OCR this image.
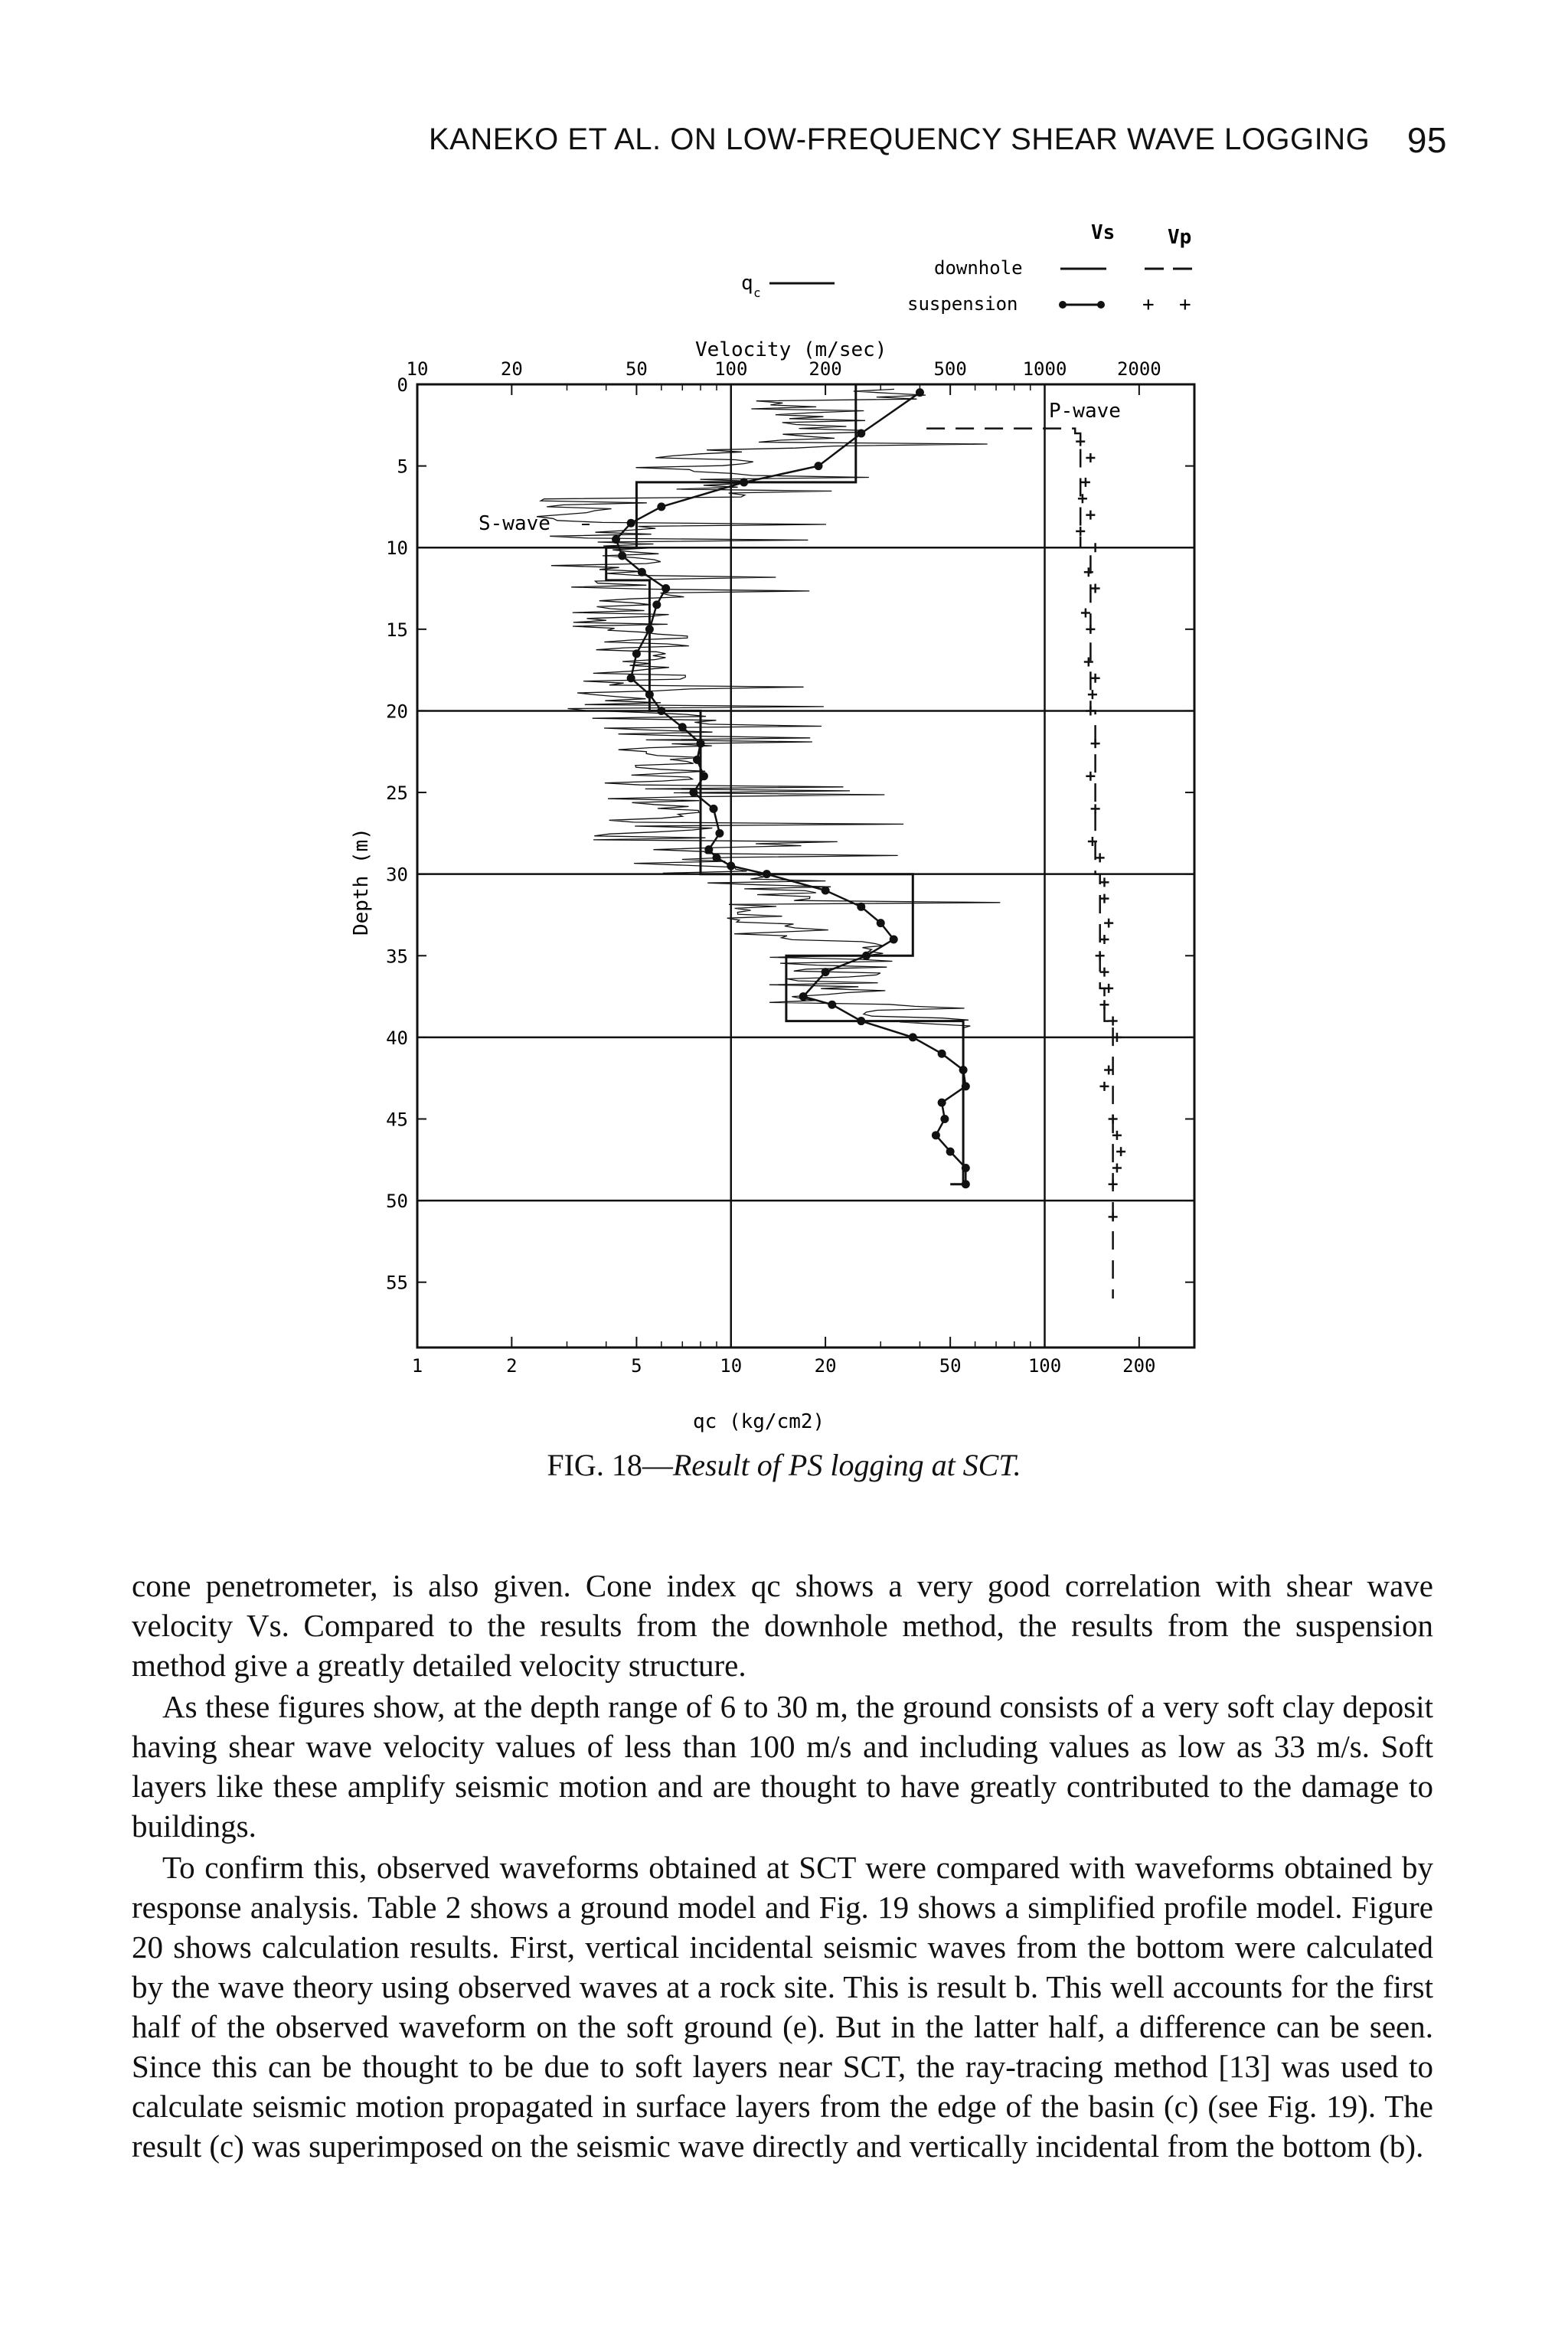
KANEKO ET AL. ON LOW-FREQUENCY SHEAR WAVE LOGGING 95
Vs	Vp
downhole
suspension	+ +
q c
Velocity (m/sec)
Depth (m)
qc (kg/cm2)
0
5
10
15
20
25
30
35
40
45
50
55
10	20	50	100	200	500	1000	2000
1	2	5	10	20	50	100	200
S-wave
P-wave
FIG. 18—Result of PS logging at SCT.

cone penetrometer, is also given. Cone index qc shows a very good correlation with shear wave velocity Vs. Compared to the results from the downhole method, the results from the suspension method give a greatly detailed velocity structure.

As these figures show, at the depth range of 6 to 30 m, the ground consists of a very soft clay deposit having shear wave velocity values of less than 100 m/s and including values as low as 33 m/s. Soft layers like these amplify seismic motion and are thought to have greatly contributed to the damage to buildings.

To confirm this, observed waveforms obtained at SCT were compared with waveforms obtained by response analysis. Table 2 shows a ground model and Fig. 19 shows a simplified profile model. Figure 20 shows calculation results. First, vertical incidental seismic waves from the bottom were calculated by the wave theory using observed waves at a rock site. This is result b. This well accounts for the first half of the observed waveform on the soft ground (e). But in the latter half, a difference can be seen. Since this can be thought to be due to soft layers near SCT, the ray-tracing method [13] was used to calculate seismic motion propagated in surface layers from the edge of the basin (c) (see Fig. 19). The result (c) was superimposed on the seismic wave directly and vertically incidental from the bottom (b).
